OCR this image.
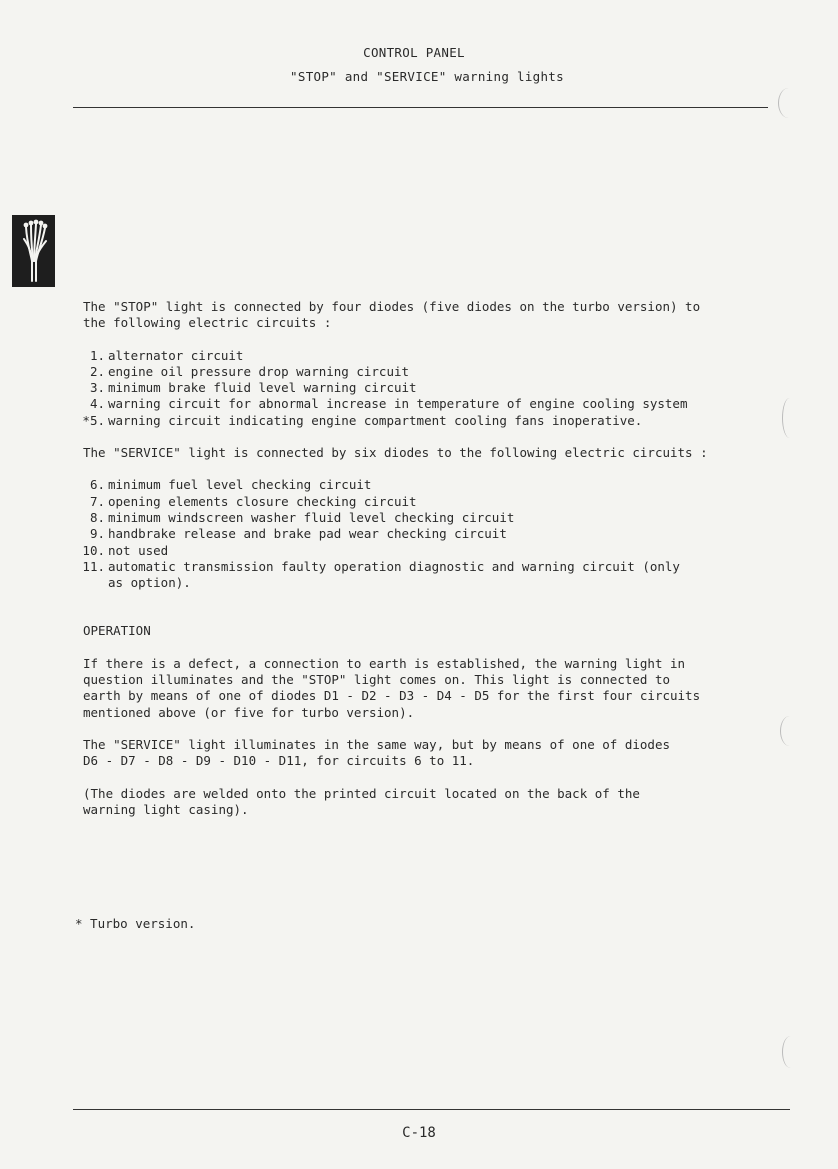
CONTROL PANEL
"STOP" and "SERVICE" warning lights

The "STOP" light is connected by four diodes (five diodes on the turbo version) to
the following electric circuits :

1. alternator circuit
2. engine oil pressure drop warning circuit
3. minimum brake fluid level warning circuit
4. warning circuit for abnormal increase in temperature of engine cooling system
*5. warning circuit indicating engine compartment cooling fans inoperative.

The "SERVICE" light is connected by six diodes to the following electric circuits :

6. minimum fuel level checking circuit
7. opening elements closure checking circuit
8. minimum windscreen washer fluid level checking circuit
9. handbrake release and brake pad wear checking circuit
10. not used
11. automatic transmission faulty operation diagnostic and warning circuit (only
as option).

OPERATION

If there is a defect, a connection to earth is established, the warning light in
question illuminates and the "STOP" light comes on. This light is connected to
earth by means of one of diodes D1 - D2 - D3 - D4 - D5 for the first four circuits
mentioned above (or five for turbo version).

The "SERVICE" light illuminates in the same way, but by means of one of diodes
D6 - D7 - D8 - D9 - D10 - D11, for circuits 6 to 11.

(The diodes are welded onto the printed circuit located on the back of the
warning light casing).

* Turbo version.
C-18
